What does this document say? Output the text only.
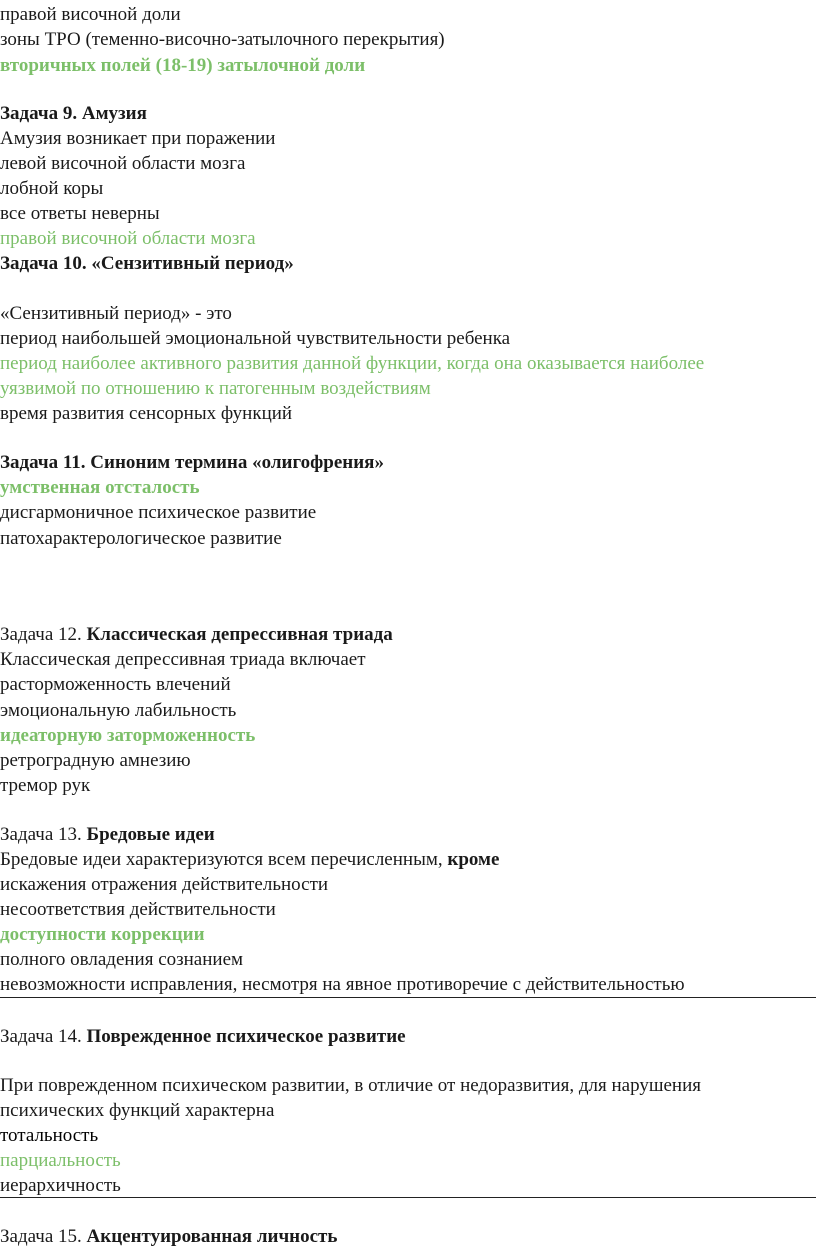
правой височной доли
зоны ТРО (теменно-височно-затылочного перекрытия)
вторичных полей (18-19) затылочной доли
Задача 9. Амузия
Амузия возникает при поражении
левой височной области мозга
лобной коры
все ответы неверны
правой височной области мозга
Задача 10. «Сензитивный период»
«Сензитивный период» - это
период наибольшей эмоциональной чувствительности ребенка
период наиболее активного развития данной функции, когда она оказывается наиболее
уязвимой по отношению к патогенным воздействиям
время развития сенсорных функций
Задача 11. Синоним термина «олигофрения»
умственная отсталость
дисгармоничное психическое развитие
патохарактерологическое развитие
Задача 12. Классическая депрессивная триада
Классическая депрессивная триада включает
расторможенность влечений
эмоциональную лабильность
идеаторную заторможенность
ретроградную амнезию
тремор рук
Задача 13. Бредовые идеи
Бредовые идеи характеризуются всем перечисленным, кроме
искажения отражения действительности
несоответствия действительности
доступности коррекции
полного овладения сознанием
невозможности исправления, несмотря на явное противоречие с действительностью
Задача 14. Поврежденное психическое развитие
При поврежденном психическом развитии, в отличие от недоразвития, для нарушения
психических функций характерна
тотальность
парциальность
иерархичность
Задача 15. Акцентуированная личность
